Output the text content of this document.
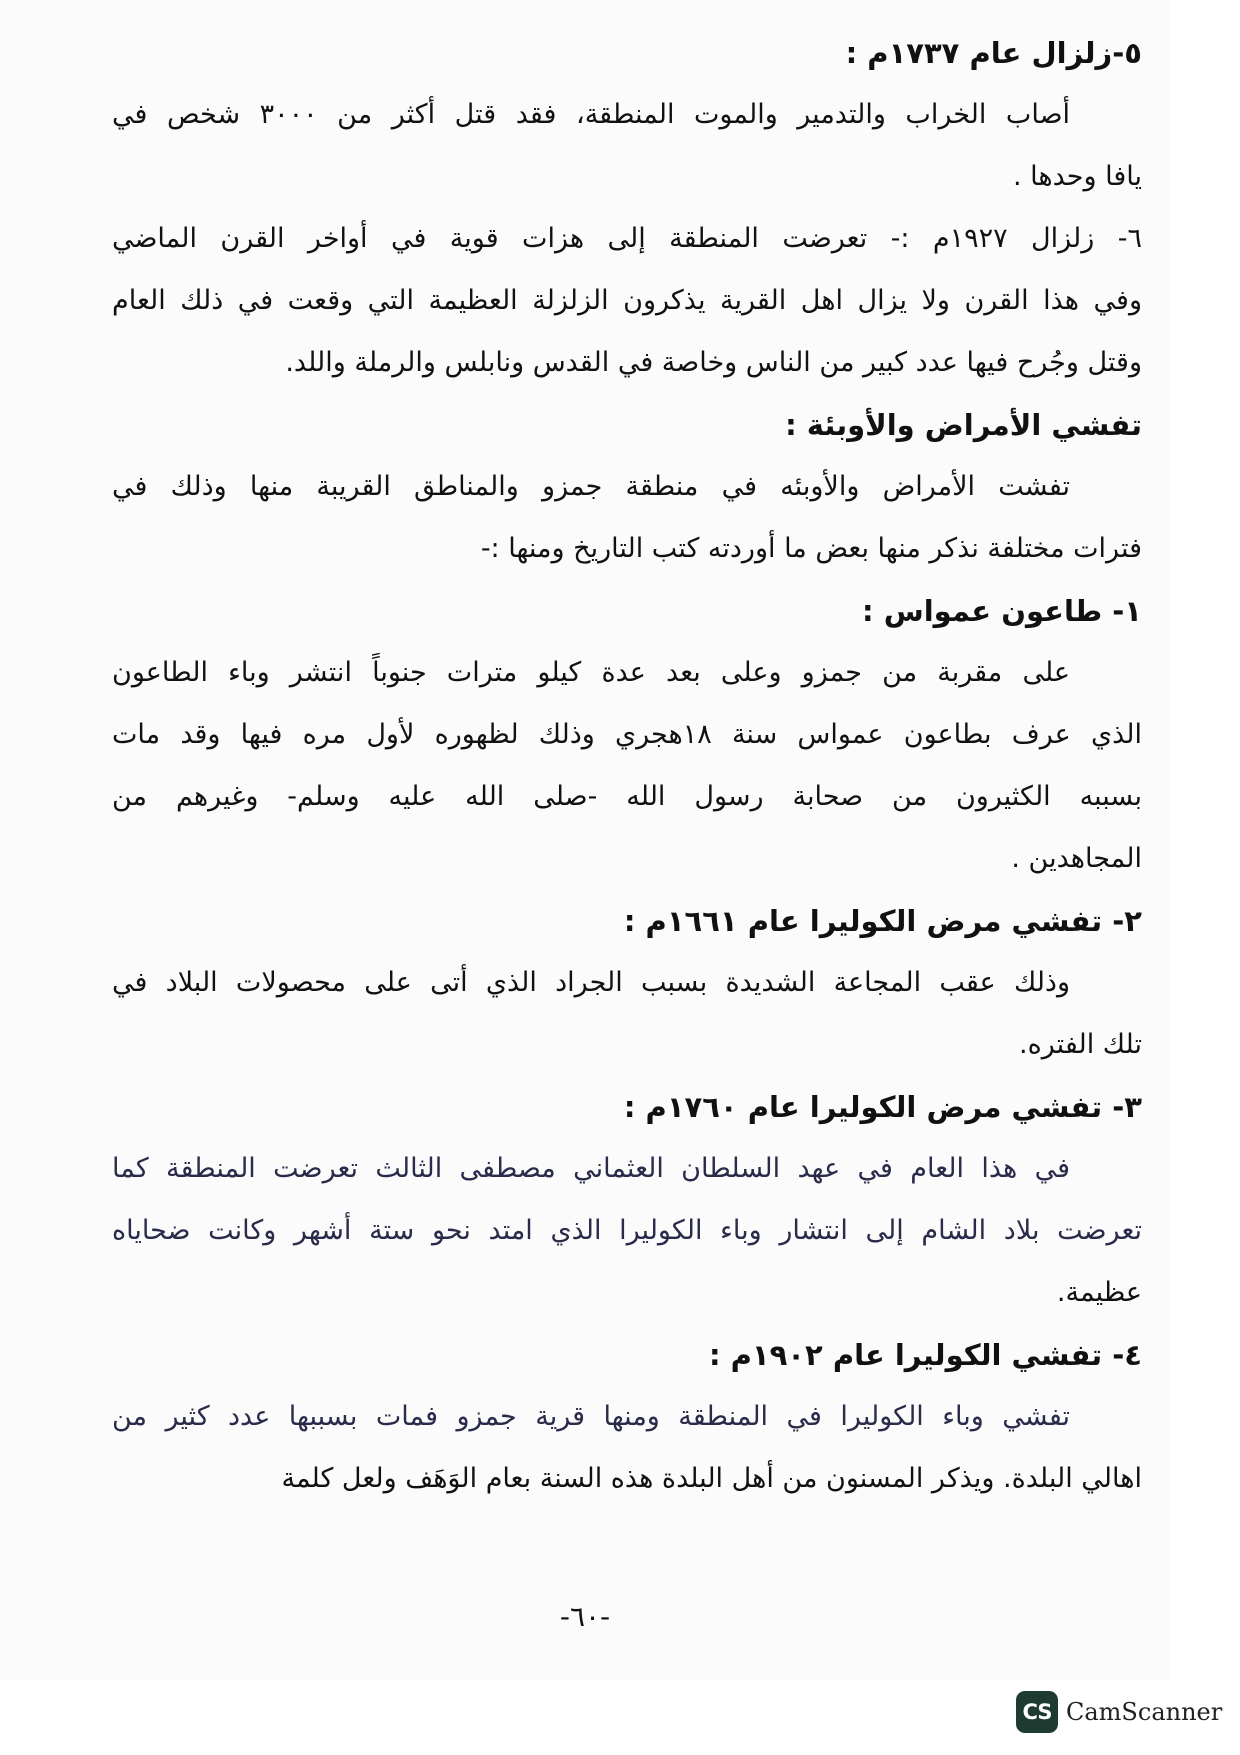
٥-زلزال عام ١٧٣٧م :
أصاب الخراب والتدمير والموت المنطقة، فقد قتل أكثر من ٣٠٠٠ شخص في
يافا وحدها .
٦- زلزال ١٩٢٧م :- تعرضت المنطقة إلى هزات قوية في أواخر القرن الماضي
وفي هذا القرن ولا يزال اهل القرية يذكرون الزلزلة العظيمة التي وقعت في ذلك العام
وقتل وجُرح فيها عدد كبير من الناس وخاصة في القدس ونابلس والرملة واللد.
تفشي الأمراض والأوبئة :
تفشت الأمراض والأوبئه في منطقة جمزو والمناطق القريبة منها وذلك في
فترات مختلفة نذكر منها بعض ما أوردته كتب التاريخ ومنها :-
١- طاعون عمواس :
على مقربة من جمزو وعلى بعد عدة كيلو مترات جنوباً انتشر وباء الطاعون
الذي عرف بطاعون عمواس سنة ١٨هجري وذلك لظهوره لأول مره فيها وقد مات
بسببه الكثيرون من صحابة رسول الله -صلى الله عليه وسلم- وغيرهم من
المجاهدين .
٢- تفشي مرض الكوليرا عام ١٦٦١م :
وذلك عقب المجاعة الشديدة بسبب الجراد الذي أتى على محصولات البلاد في
تلك الفتره.
٣- تفشي مرض الكوليرا عام ١٧٦٠م :
في هذا العام في عهد السلطان العثماني مصطفى الثالث تعرضت المنطقة كما
تعرضت بلاد الشام إلى انتشار وباء الكوليرا الذي امتد نحو ستة أشهر وكانت ضحاياه
عظيمة.
٤- تفشي الكوليرا عام ١٩٠٢م :
تفشي وباء الكوليرا في المنطقة ومنها قرية جمزو فمات بسببها عدد كثير من
اهالي البلدة. ويذكر المسنون من أهل البلدة هذه السنة بعام الوَهَف ولعل كلمة
-٦٠-
CS CamScanner
